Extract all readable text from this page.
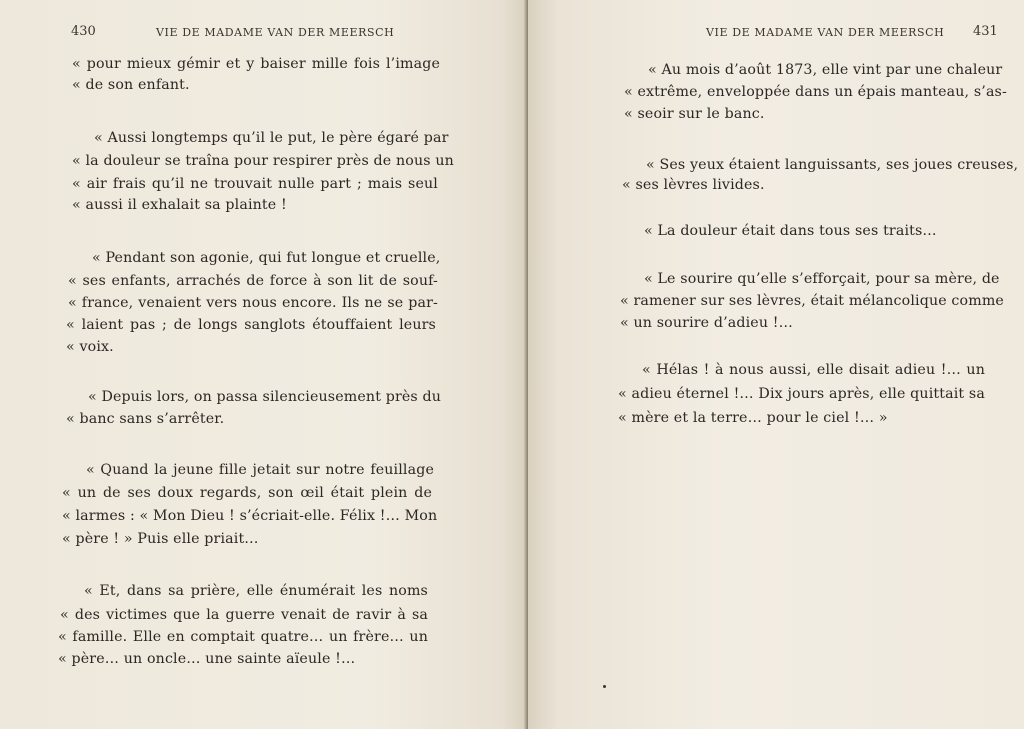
430	VIE DE MADAME VAN DER MEERSCH
« pour mieux gémir et y baiser mille fois l’image
« de son enfant.
« Aussi longtemps qu’il le put, le père égaré par
« la douleur se traîna pour respirer près de nous un
« air frais qu’il ne trouvait nulle part ; mais seul
« aussi il exhalait sa plainte !
« Pendant son agonie, qui fut longue et cruelle,
« ses enfants, arrachés de force à son lit de souf-
« france, venaient vers nous encore. Ils ne se par-
« laient pas ; de longs sanglots étouffaient leurs
« voix.
« Depuis lors, on passa silencieusement près du
« banc sans s’arrêter.
« Quand la jeune fille jetait sur notre feuillage
« un de ses doux regards, son œil était plein de
« larmes : « Mon Dieu ! s’écriait-elle. Félix !… Mon
« père ! » Puis elle priait…
« Et, dans sa prière, elle énumérait les noms
« des victimes que la guerre venait de ravir à sa
« famille. Elle en comptait quatre… un frère… un
« père… un oncle… une sainte aïeule !…
VIE DE MADAME VAN DER MEERSCH 431
« Au mois d’août 1873, elle vint par une chaleur
« extrême, enveloppée dans un épais manteau, s’as-
« seoir sur le banc.
« Ses yeux étaient languissants, ses joues creuses,
« ses lèvres livides.
« La douleur était dans tous ses traits…
« Le sourire qu’elle s’efforçait, pour sa mère, de
« ramener sur ses lèvres, était mélancolique comme
« un sourire d’adieu !…
« Hélas ! à nous aussi, elle disait adieu !… un
« adieu éternel !… Dix jours après, elle quittait sa
« mère et la terre… pour le ciel !… »
